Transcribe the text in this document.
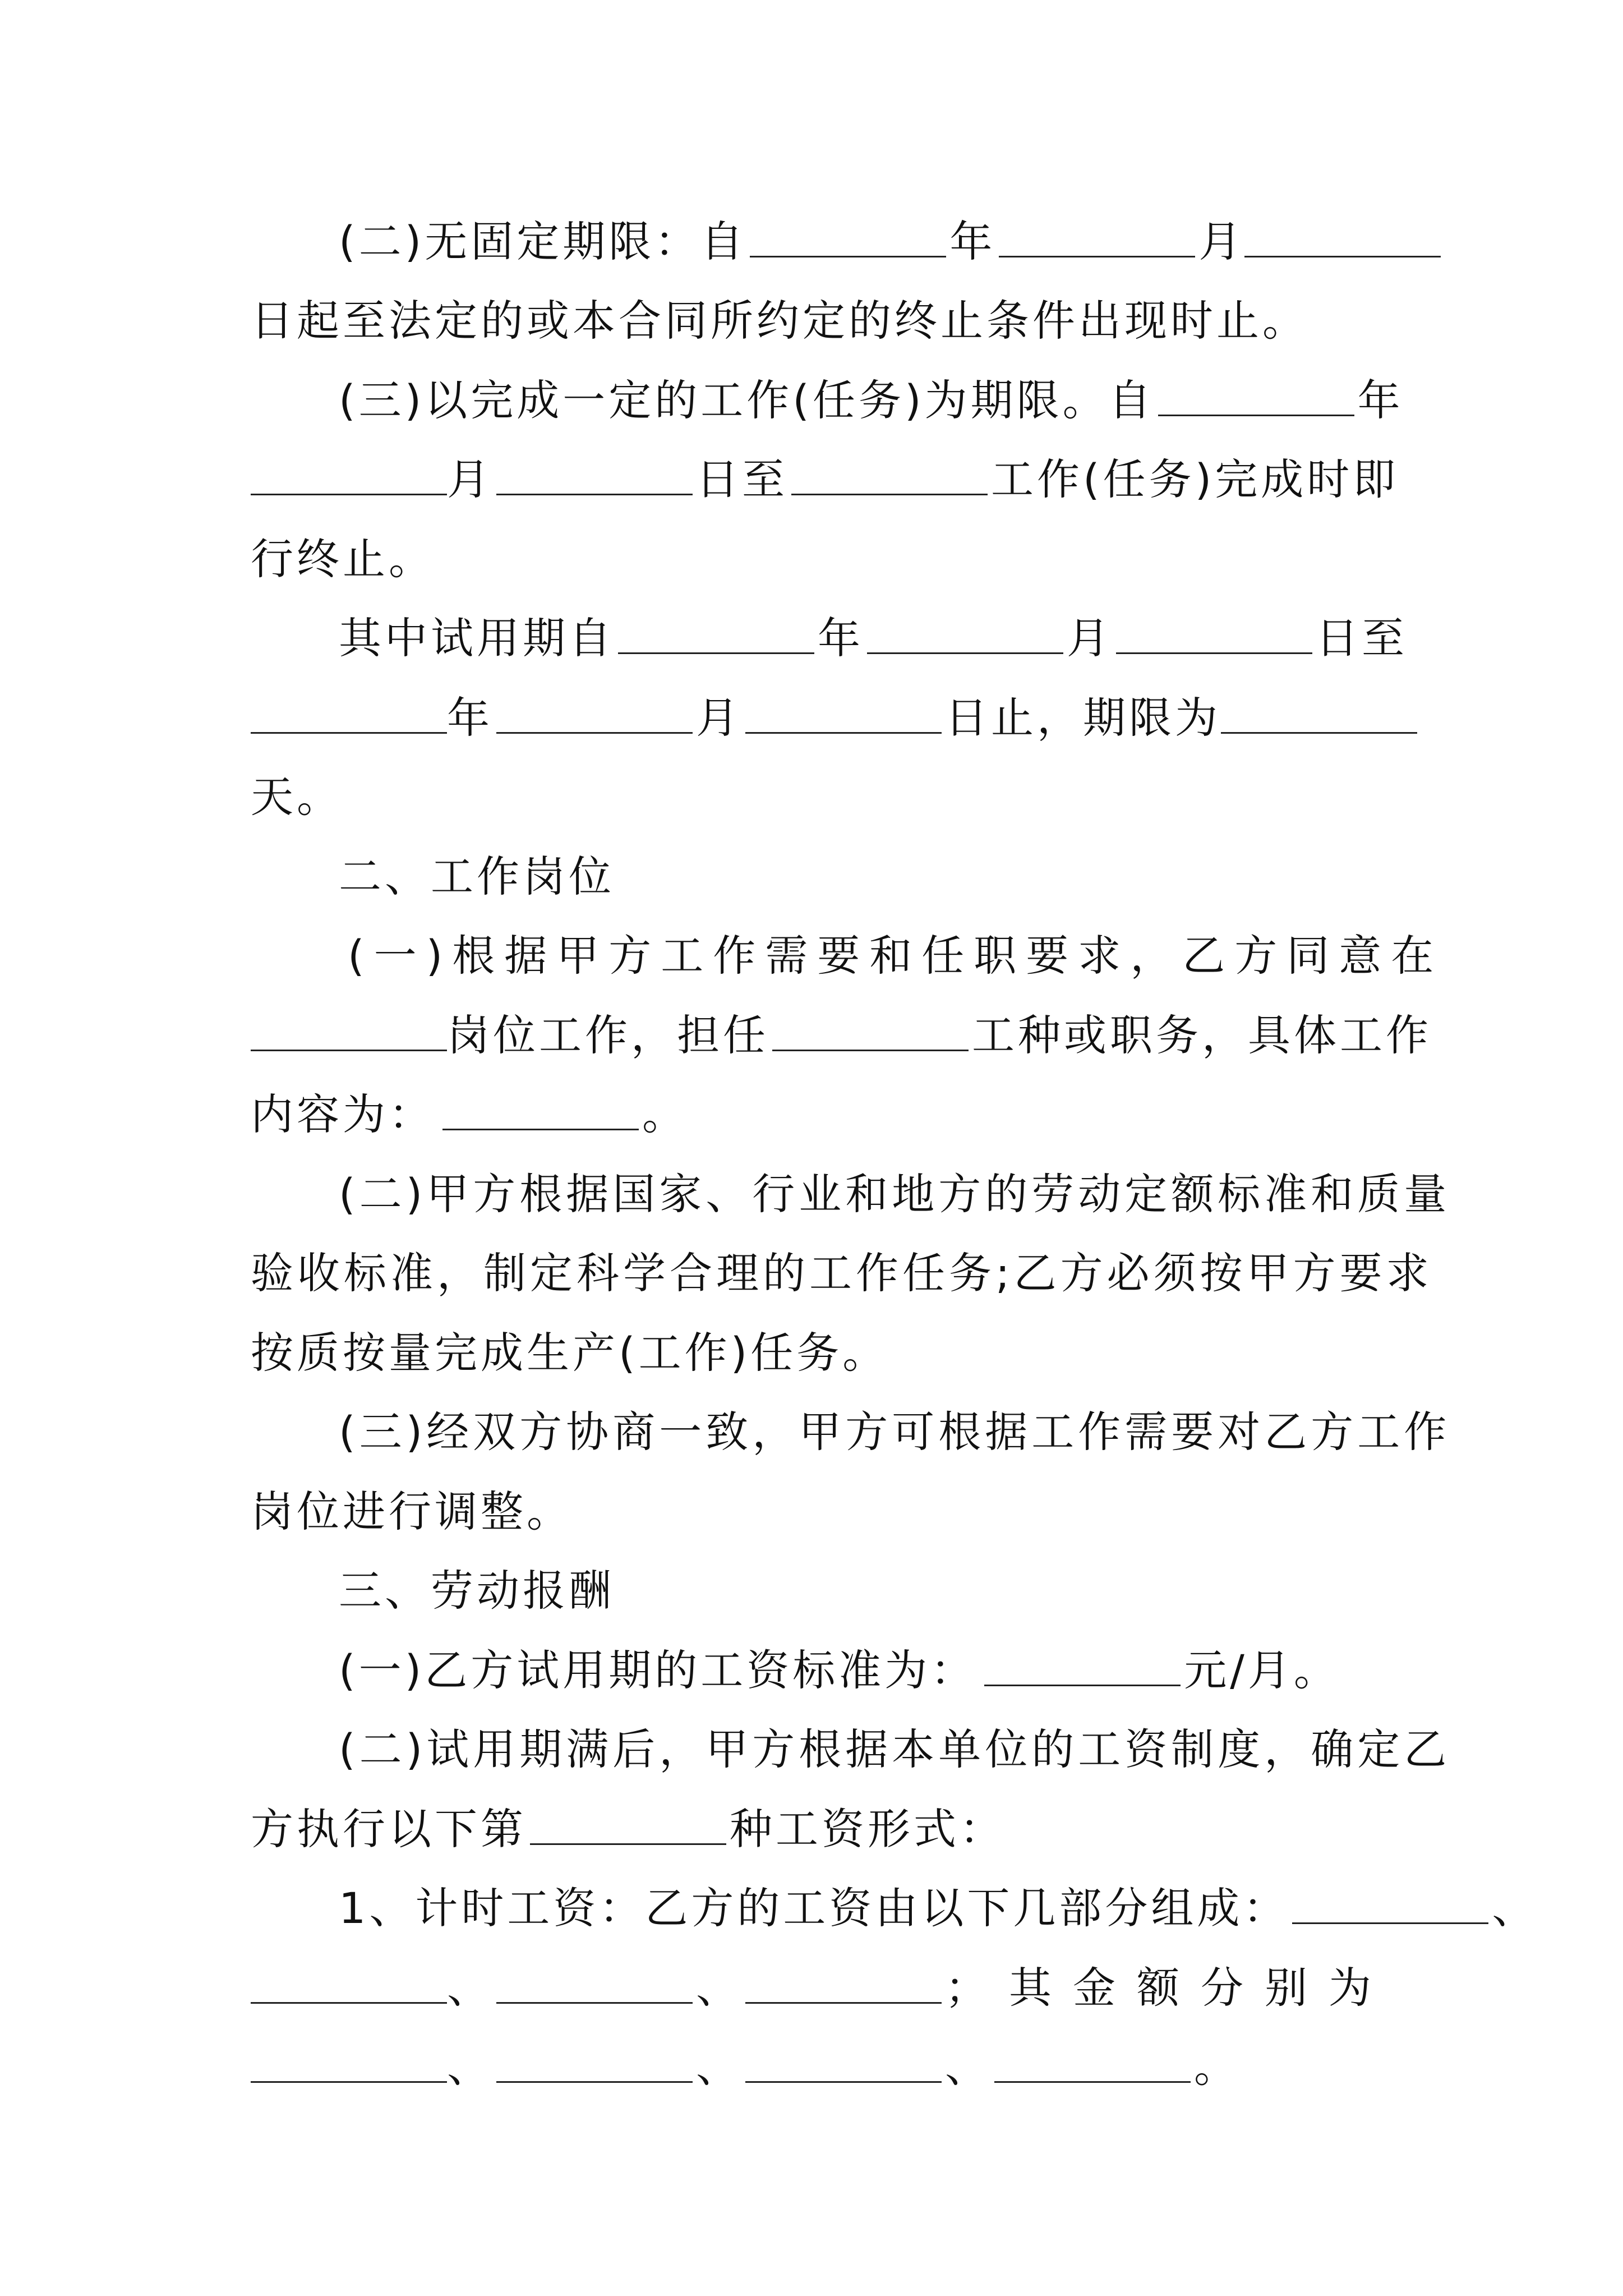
(二)无固定期限：自	年	月
日起至法定的或本合同所约定的终止条件出现时止。
(三)以完成一定的工作(任务)为期限。自	年
月	日至	工作(任务)完成时即
行终止。
其中试用期自	年	月	日至
年	月	日止，期限为
天。
二、工作岗位
(一)根据甲方工作需要和任职要求，乙方同意在
岗位工作，担任	工种或职务，具体工作
内容为：	。
(二)甲方根据国家、行业和地方的劳动定额标准和质量
验收标准，制定科学合理的工作任务;乙方必须按甲方要求
按质按量完成生产(工作)任务。
(三)经双方协商一致，甲方可根据工作需要对乙方工作
岗位进行调整。
三、劳动报酬
(一)乙方试用期的工资标准为：	元/月。
(二)试用期满后，甲方根据本单位的工资制度，确定乙
方执行以下第	种工资形式：
1、计时工资：乙方的工资由以下几部分组成：	、
、	、	；其金额分别为
、	、	、	。
